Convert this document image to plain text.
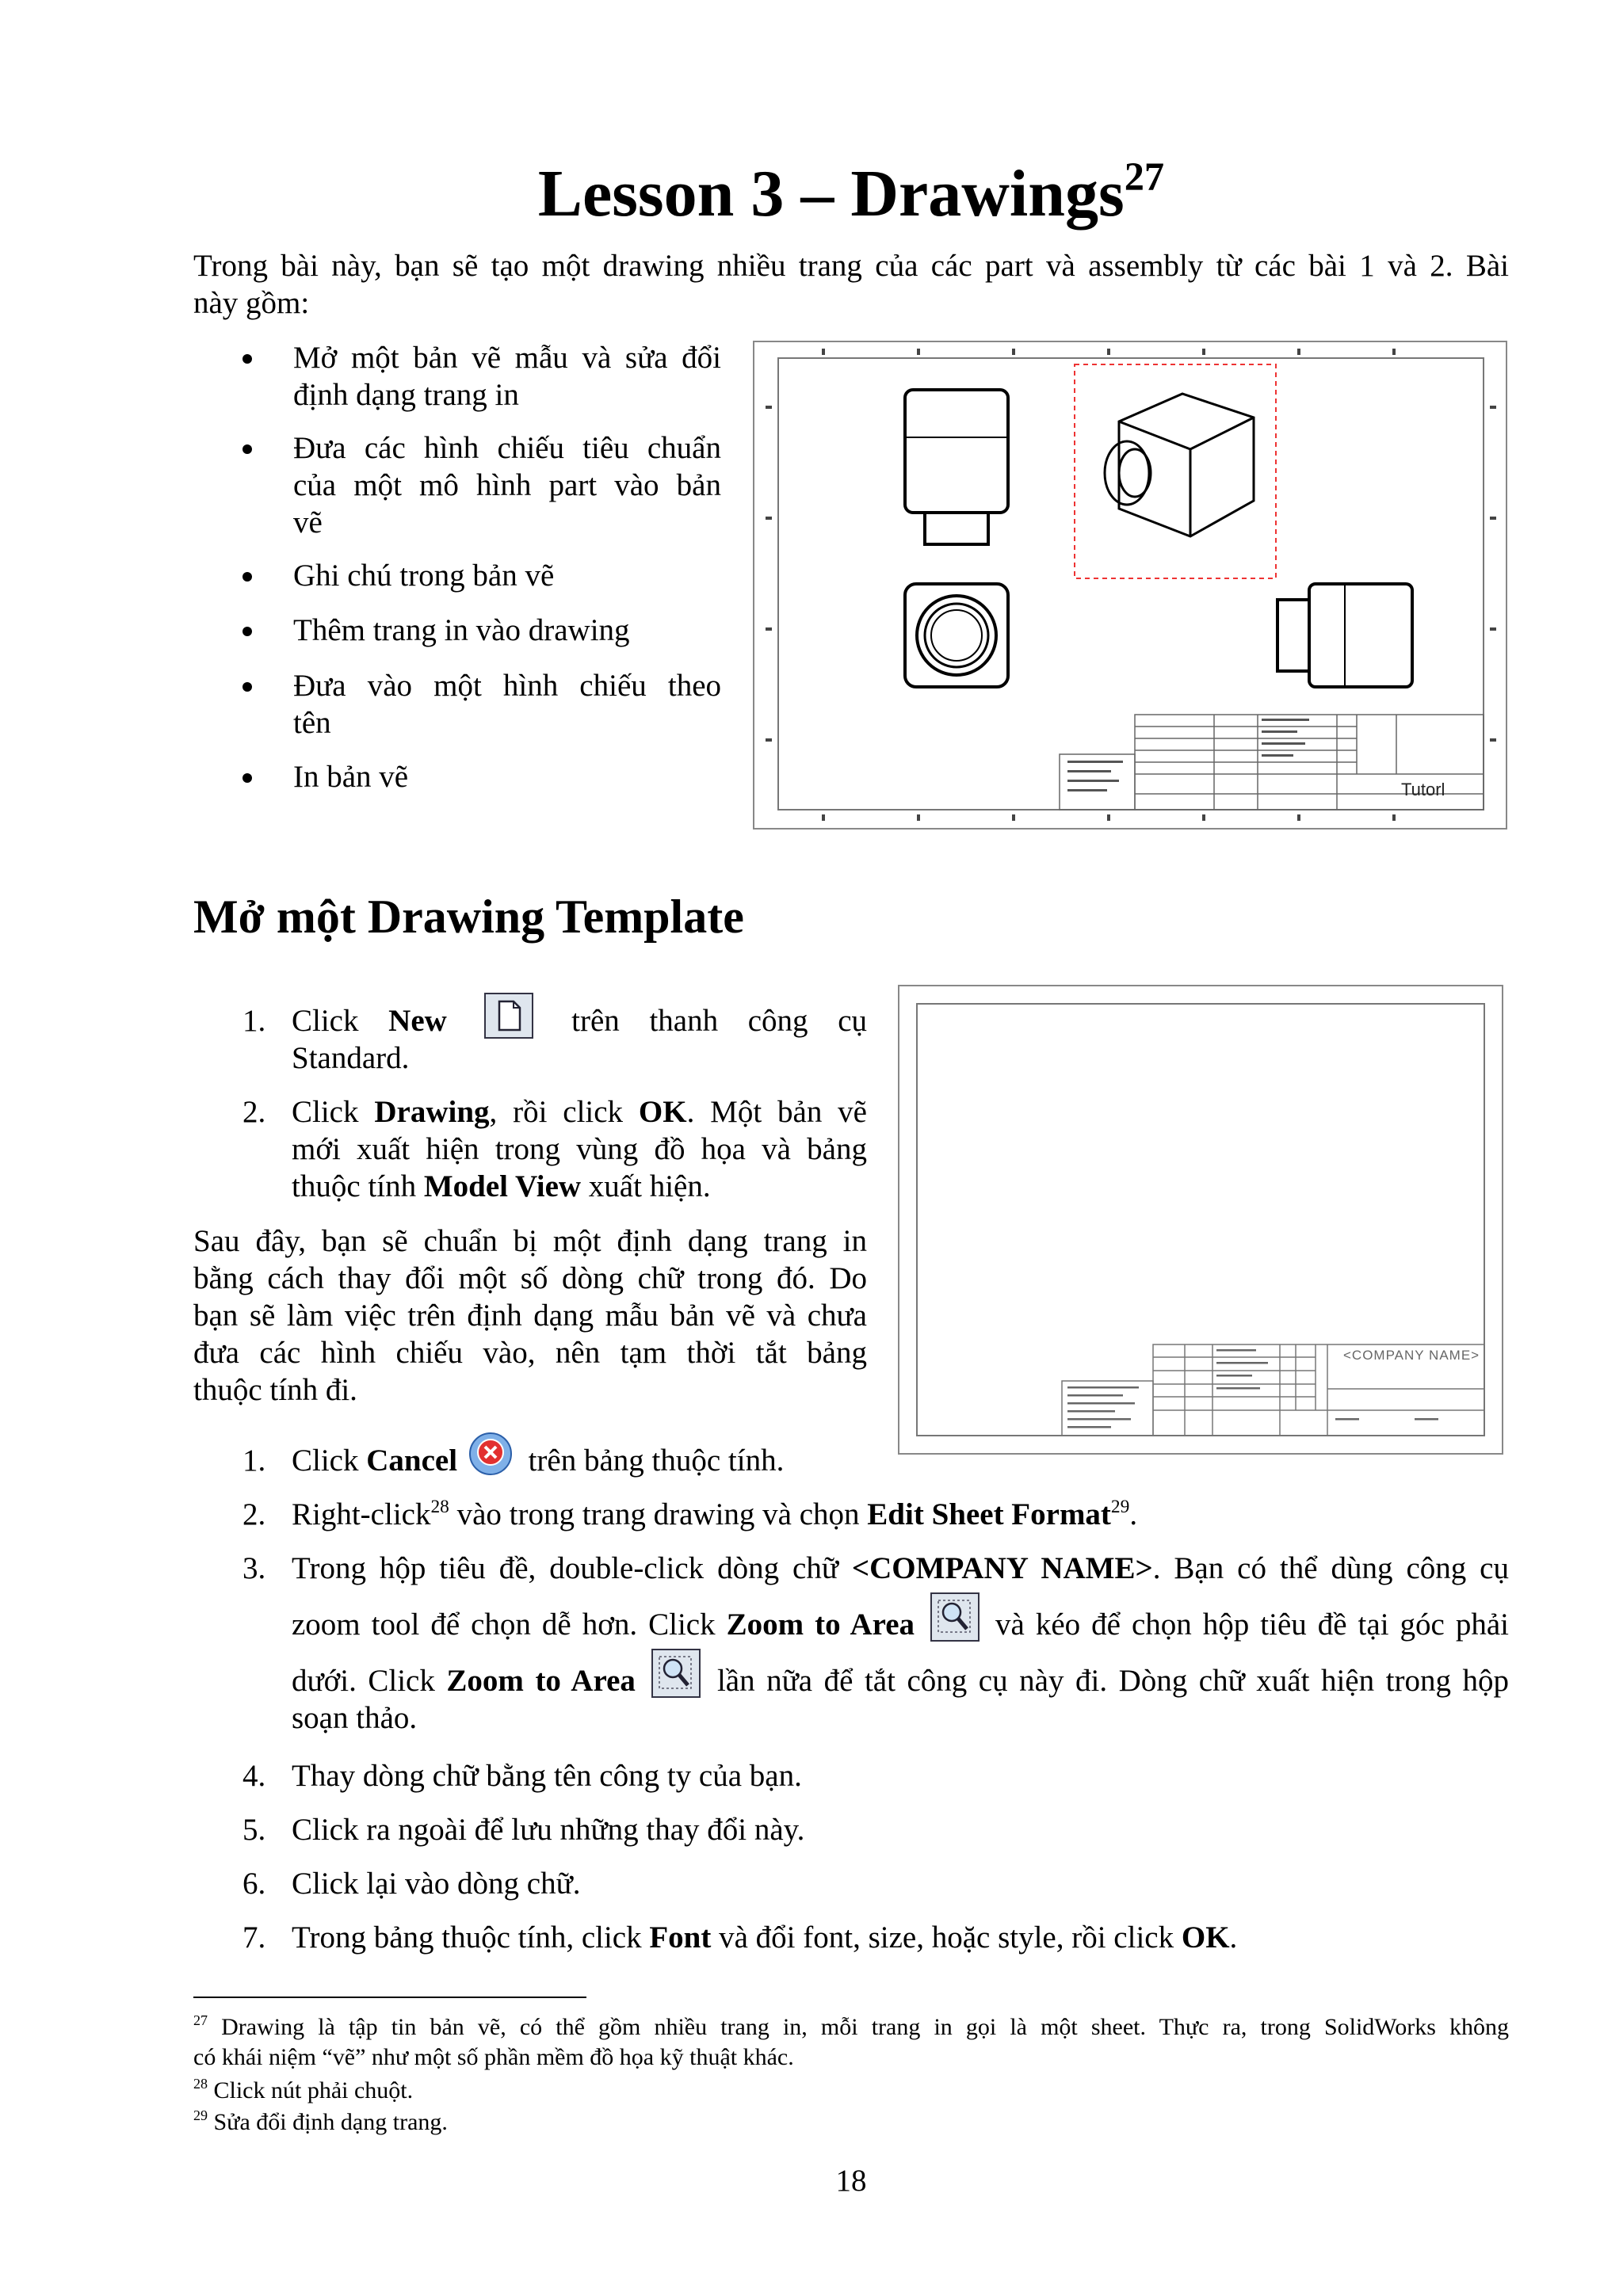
Lesson 3 – Drawings$^{27}$
Trong bài này, bạn sẽ tạo một drawing nhiều trang của các part và assembly từ các bài 1 và 2. Bài
này gồm:
Mở một bản vẽ mẫu và sửa đổi
định dạng trang in
Đưa các hình chiếu tiêu chuẩn
của một mô hình part vào bản
vẽ
Ghi chú trong bản vẽ
Thêm trang in vào drawing
Đưa vào một hình chiếu theo
tên
In bản vẽ	Tutorl
Mở một Drawing Template
1. Click New	trên thanh công cụ
Standard.
2. Click Drawing, rồi click OK. Một bản vẽ
mới xuất hiện trong vùng đồ họa và bảng
thuộc tính Model View xuất hiện.
Sau đây, bạn sẽ chuẩn bị một định dạng trang in
bằng cách thay đổi một số dòng chữ trong đó. Do
bạn sẽ làm việc trên định dạng mẫu bản vẽ và chưa
đưa các hình chiếu vào, nên tạm thời tắt bảng
thuộc tính đi.
<COMPANY NAME>
1. Click Cancel trên bảng thuộc tính.
2. Right-click$^{28}$ vào trong trang drawing và chọn Edit Sheet Format$^{29}$.
3. Trong hộp tiêu đề, double-click dòng chữ <COMPANY NAME>. Bạn có thể dùng công cụ
zoom tool để chọn dễ hơn. Click Zoom to Area	và kéo để chọn hộp tiêu đề tại góc phải
dưới. Click Zoom to Area	lần nữa để tắt công cụ này đi. Dòng chữ xuất hiện trong hộp
soạn thảo.
4. Thay dòng chữ bằng tên công ty của bạn.
5. Click ra ngoài để lưu những thay đổi này.
6. Click lại vào dòng chữ.
7. Trong bảng thuộc tính, click Font và đổi font, size, hoặc style, rồi click OK.
$^{27}$ Drawing là tập tin bản vẽ, có thể gồm nhiều trang in, mỗi trang in gọi là một sheet. Thực ra, trong SolidWorks không
có khái niệm “vẽ” như một số phần mềm đồ họa kỹ thuật khác.
$^{28}$ Click nút phải chuột.
$^{29}$ Sửa đổi định dạng trang.
18
